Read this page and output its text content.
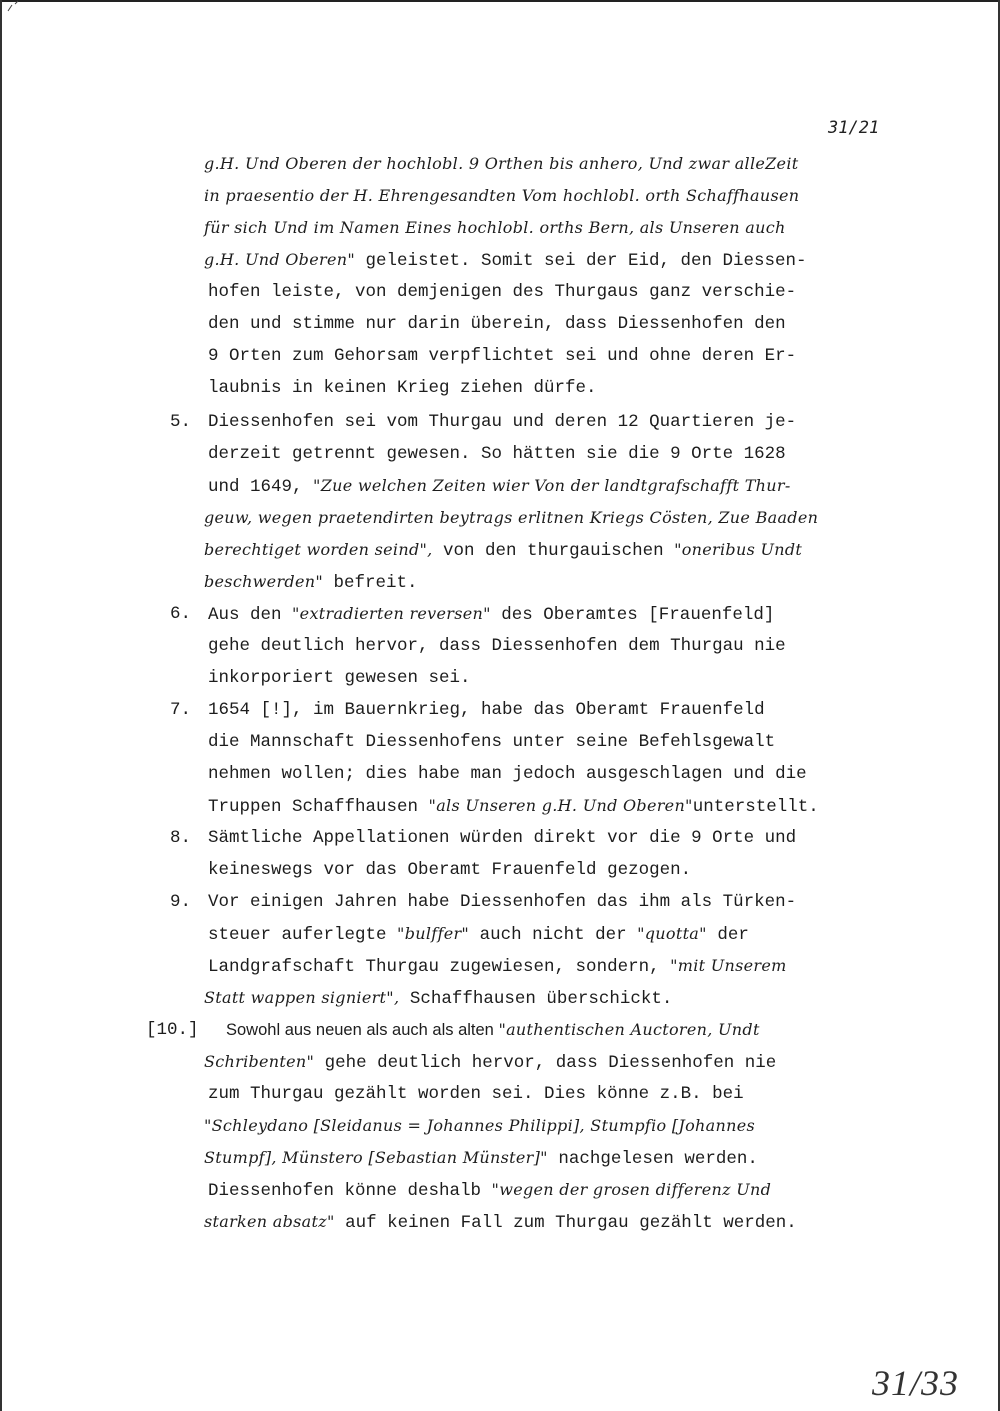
31/21
g.H. Und Oberen der hochlobl. 9 Orthen bis anhero, Und zwar alleZeit
in praesentio der H. Ehrengesandten Vom hochlobl. orth Schaffhausen
für sich Und im Namen Eines hochlobl. orths Bern, als Unseren auch
g.H. Und Oberen" geleistet. Somit sei der Eid, den Diessen-
hofen leiste, von demjenigen des Thurgaus ganz verschie-
den und stimme nur darin überein, dass Diessenhofen den
9 Orten zum Gehorsam verpflichtet sei und ohne deren Er-
laubnis in keinen Krieg ziehen dürfe.
5. Diessenhofen sei vom Thurgau und deren 12 Quartieren je-
derzeit getrennt gewesen. So hätten sie die 9 Orte 1628
und 1649, "Zue welchen Zeiten wier Von der landtgrafschafft Thur-
geuw, wegen praetendirten beytrags erlitnen Kriegs Cösten, Zue Baaden
berechtiget worden seind", von den thurgauischen "oneribus Undt
beschwerden" befreit.
6. Aus den "extradierten reversen" des Oberamtes [Frauenfeld]
gehe deutlich hervor, dass Diessenhofen dem Thurgau nie
inkorporiert gewesen sei.
7. 1654 [!], im Bauernkrieg, habe das Oberamt Frauenfeld
die Mannschaft Diessenhofens unter seine Befehlsgewalt
nehmen wollen; dies habe man jedoch ausgeschlagen und die
Truppen Schaffhausen "als Unseren g.H. Und Oberen"unterstellt.
8. Sämtliche Appellationen würden direkt vor die 9 Orte und
keineswegs vor das Oberamt Frauenfeld gezogen.
9. Vor einigen Jahren habe Diessenhofen das ihm als Türken-
steuer auferlegte "bulffer" auch nicht der "quotta" der
Landgrafschaft Thurgau zugewiesen, sondern, "mit Unserem
Statt wappen signiert", Schaffhausen überschickt.
[10.] Sowohl aus neuen als auch als alten "authentischen Auctoren, Undt
Schribenten" gehe deutlich hervor, dass Diessenhofen nie
zum Thurgau gezählt worden sei. Dies könne z.B. bei
"Schleydano [Sleidanus = Johannes Philippi], Stumpfio [Johannes
Stumpf], Münstero [Sebastian Münster]" nachgelesen werden.
Diessenhofen könne deshalb "wegen der grosen differenz Und
starken absatz" auf keinen Fall zum Thurgau gezählt werden.
31/33
